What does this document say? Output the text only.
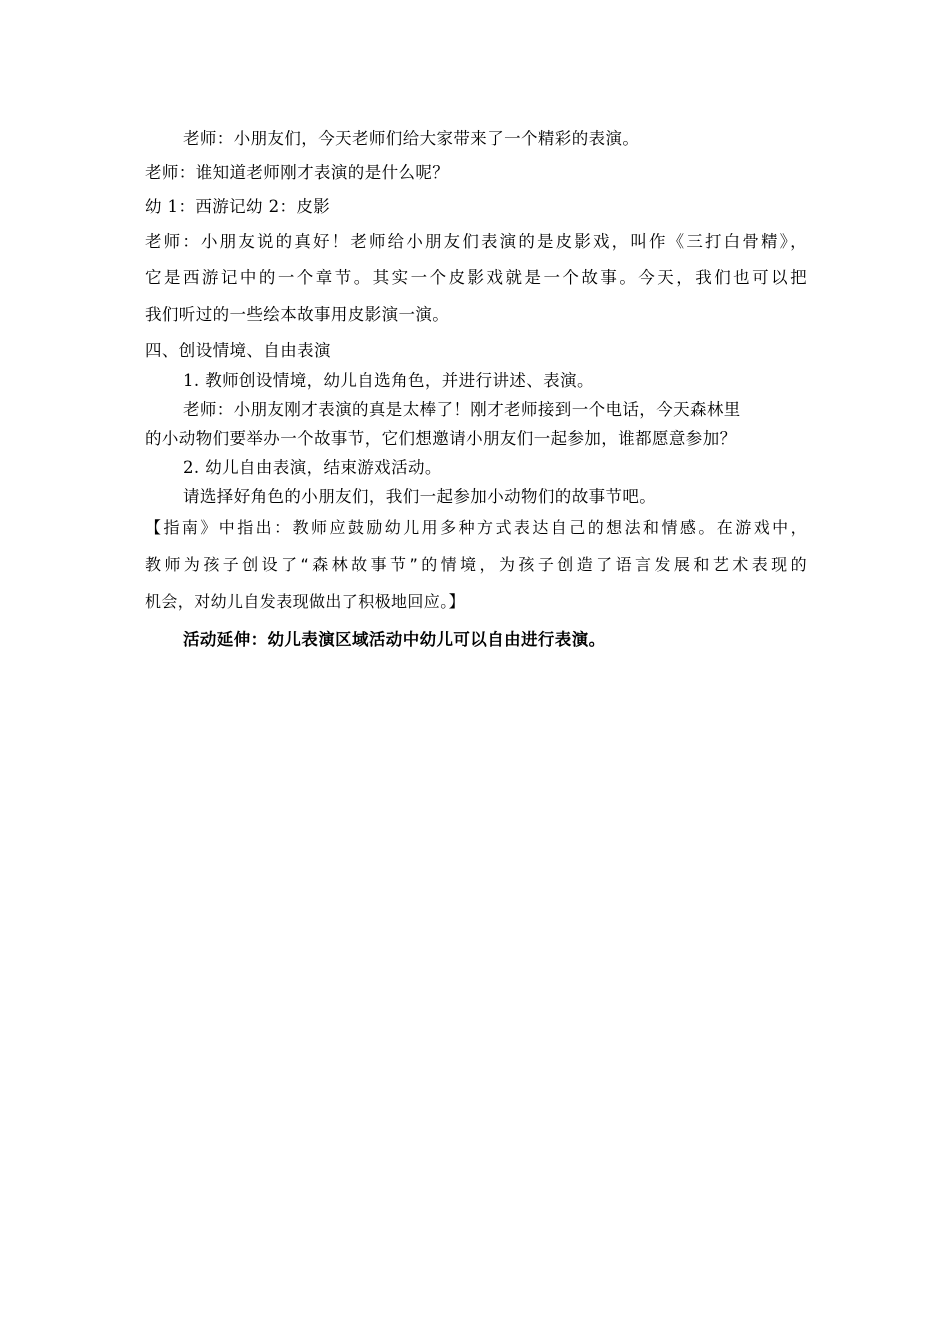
老师：小朋友们，今天老师们给大家带来了一个精彩的表演。
老师：谁知道老师刚才表演的是什么呢？
幼 1：西游记幼 2：皮影
老师：小朋友说的真好！老师给小朋友们表演的是皮影戏，叫作《三打白骨精》，
它是西游记中的一个章节。其实一个皮影戏就是一个故事。今天，我们也可以把
我们听过的一些绘本故事用皮影演一演。
四、创设情境、自由表演
1. 教师创设情境，幼儿自选角色，并进行讲述、表演。
老师：小朋友刚才表演的真是太棒了！刚才老师接到一个电话，今天森林里
的小动物们要举办一个故事节，它们想邀请小朋友们一起参加，谁都愿意参加？
2. 幼儿自由表演，结束游戏活动。
请选择好角色的小朋友们，我们一起参加小动物们的故事节吧。
【指南》中指出：教师应鼓励幼儿用多种方式表达自己的想法和情感。在游戏中，
教师为孩子创设了“森林故事节”的情境，为孩子创造了语言发展和艺术表现的
机会，对幼儿自发表现做出了积极地回应。】
活动延伸：幼儿表演区域活动中幼儿可以自由进行表演。
